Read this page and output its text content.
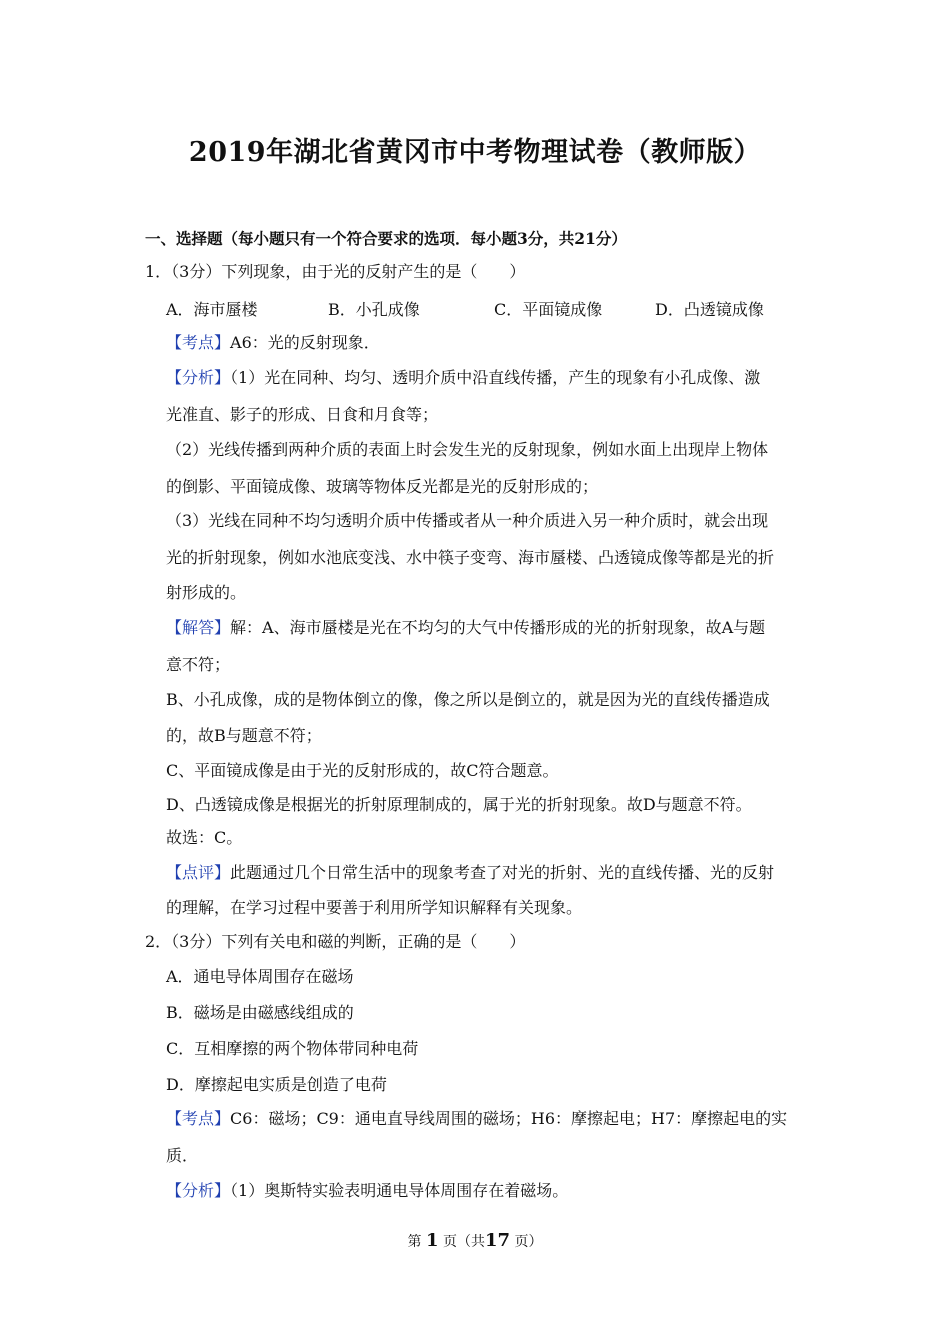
2019年湖北省黄冈市中考物理试卷（教师版）
一、选择题（每小题只有一个符合要求的选项．每小题3分，共21分）
1．（3分）下列现象，由于光的反射产生的是（　　）
A．海市蜃楼	B．小孔成像	C．平面镜成像	D．凸透镜成像
【考点】A6：光的反射现象．
【分析】（1）光在同种、均匀、透明介质中沿直线传播，产生的现象有小孔成像、激
光准直、影子的形成、日食和月食等；
（2）光线传播到两种介质的表面上时会发生光的反射现象，例如水面上出现岸上物体
的倒影、平面镜成像、玻璃等物体反光都是光的反射形成的；
（3）光线在同种不均匀透明介质中传播或者从一种介质进入另一种介质时，就会出现
光的折射现象，例如水池底变浅、水中筷子变弯、海市蜃楼、凸透镜成像等都是光的折
射形成的。
【解答】解：A、海市蜃楼是光在不均匀的大气中传播形成的光的折射现象，故A与题
意不符；
B、小孔成像，成的是物体倒立的像，像之所以是倒立的，就是因为光的直线传播造成
的，故B与题意不符；
C、平面镜成像是由于光的反射形成的，故C符合题意。
D、凸透镜成像是根据光的折射原理制成的，属于光的折射现象。故D与题意不符。
故选：C。
【点评】此题通过几个日常生活中的现象考查了对光的折射、光的直线传播、光的反射
的理解，在学习过程中要善于利用所学知识解释有关现象。
2．（3分）下列有关电和磁的判断，正确的是（　　）
A．通电导体周围存在磁场
B．磁场是由磁感线组成的
C．互相摩擦的两个物体带同种电荷
D．摩擦起电实质是创造了电荷
【考点】C6：磁场；C9：通电直导线周围的磁场；H6：摩擦起电；H7：摩擦起电的实
质．
【分析】（1）奥斯特实验表明通电导体周围存在着磁场。
第 1 页（共17 页）
